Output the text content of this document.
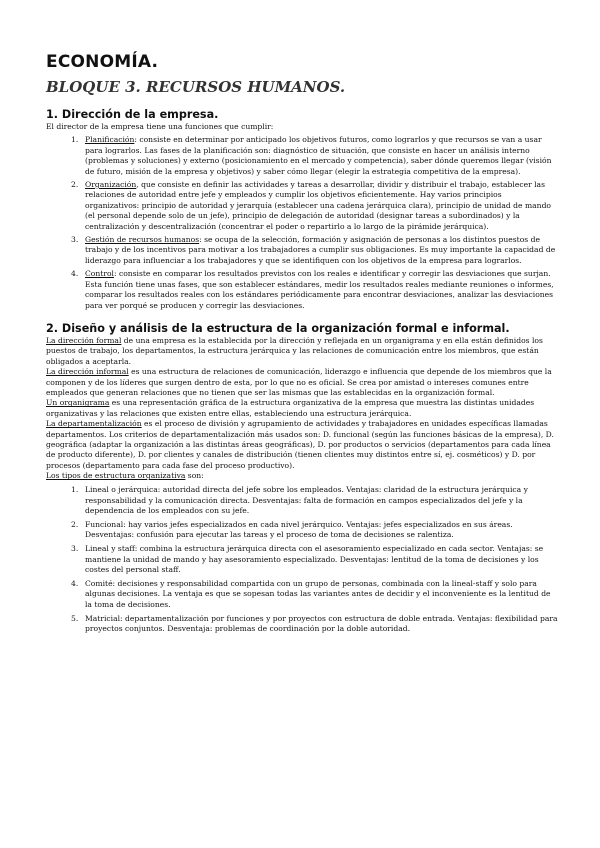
ECONOMÍA.
BLOQUE 3. RECURSOS HUMANOS.
1. Dirección de la empresa.

El director de la empresa tiene una funciones que cumplir:

1. Planificación: consiste en determinar por anticipado los objetivos futuros, como lograrlos y que recursos se van a usar para lograrlos. Las fases de la planificación son: diagnóstico de situación, que consiste en hacer un análisis interno (problemas y soluciones) y externo (posicionamiento en el mercado y competencia), saber dónde queremos llegar (visión de futuro, misión de la empresa y objetivos) y saber cómo llegar (elegir la estrategia competitiva de la empresa).
2. Organización, que consiste en definir las actividades y tareas a desarrollar, dividir y distribuir el trabajo, establecer las relaciones de autoridad entre jefe y empleados y cumplir los objetivos eficientemente. Hay varios principios organizativos: principio de autoridad y jerarquía (establecer una cadena jerárquica clara), principio de unidad de mando (el personal depende solo de un jefe), principio de delegación de autoridad (designar tareas a subordinados) y la centralización y descentralización (concentrar el poder o repartirlo a lo largo de la pirámide jerárquica).
3. Gestión de recursos humanos: se ocupa de la selección, formación y asignación de personas a los distintos puestos de trabajo y de los incentivos para motivar a los trabajadores a cumplir sus obligaciones. Es muy importante la capacidad de liderazgo para influenciar a los trabajadores y que se identifiquen con los objetivos de la empresa para lograrlos.
4. Control: consiste en comparar los resultados previstos con los reales e identificar y corregir las desviaciones que surjan. Esta función tiene unas fases, que son establecer estándares, medir los resultados reales mediante reuniones o informes, comparar los resultados reales con los estándares periódicamente para encontrar desviaciones, analizar las desviaciones para ver porqué se producen y corregir las desviaciones.
2. Diseño y análisis de la estructura de la organización formal e informal.

La dirección formal de una empresa es la establecida por la dirección y reflejada en un organigrama y en ella están definidos los puestos de trabajo, los departamentos, la estructura jerárquica y las relaciones de comunicación entre los miembros, que están obligados a aceptarla.

La dirección informal es una estructura de relaciones de comunicación, liderazgo e influencia que depende de los miembros que la componen y de los líderes que surgen dentro de esta, por lo que no es oficial. Se crea por amistad o intereses comunes entre empleados que generan relaciones que no tienen que ser las mismas que las establecidas en la organización formal.

Un organigrama es una representación gráfica de la estructura organizativa de la empresa que muestra las distintas unidades organizativas y las relaciones que existen entre ellas, estableciendo una estructura jerárquica.

La departamentalización es el proceso de división y agrupamiento de actividades y trabajadores en unidades específicas llamadas departamentos. Los criterios de departamentalización más usados son: D. funcional (según las funciones básicas de la empresa), D. geográfica (adaptar la organización a las distintas áreas geográficas), D. por productos o servicios (departamentos para cada línea de producto diferente), D. por clientes y canales de distribución (tienen clientes muy distintos entre sí, ej. cosméticos) y D. por procesos (departamento para cada fase del proceso productivo).

Los tipos de estructura organizativa son:

1. Lineal o jerárquica: autoridad directa del jefe sobre los empleados. Ventajas: claridad de la estructura jerárquica y responsabilidad y la comunicación directa. Desventajas: falta de formación en campos especializados del jefe y la dependencia de los empleados con su jefe.
2. Funcional: hay varios jefes especializados en cada nivel jerárquico. Ventajas: jefes especializados en sus áreas. Desventajas: confusión para ejecutar las tareas y el proceso de toma de decisiones se ralentiza.
3. Lineal y staff: combina la estructura jerárquica directa con el asesoramiento especializado en cada sector. Ventajas: se mantiene la unidad de mando y hay asesoramiento especializado. Desventajas: lentitud de la toma de decisiones y los costes del personal staff.
4. Comité: decisiones y responsabilidad compartida con un grupo de personas, combinada con la lineal-staff y solo para algunas decisiones. La ventaja es que se sopesan todas las variantes antes de decidir y el inconveniente es la lentitud de la toma de decisiones.
5. Matricial: departamentalización por funciones y por proyectos con estructura de doble entrada. Ventajas: flexibilidad para proyectos conjuntos. Desventaja: problemas de coordinación por la doble autoridad.
